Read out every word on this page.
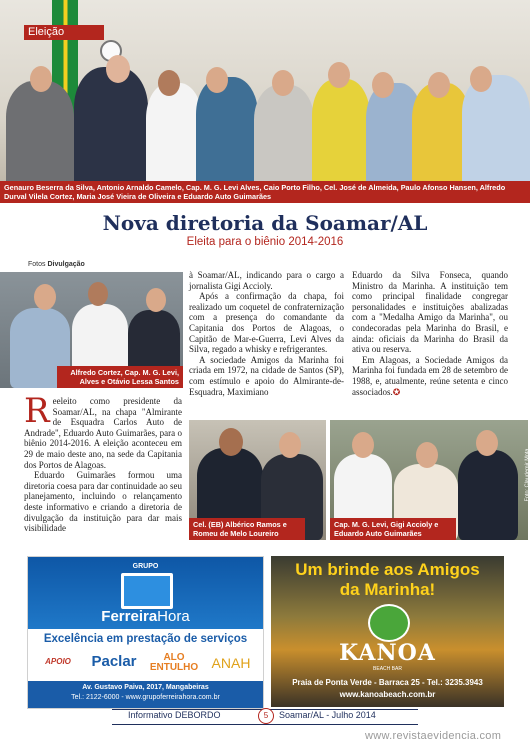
Eleição
Genauro Beserra da Silva, Antonio Arnaldo Camelo, Cap. M. G. Levi Alves, Caio Porto Filho, Cel. José de Almeida, Paulo Afonso Hansen, Alfredo Durval Vilela Cortez, Maria José Vieira de Oliveira e Eduardo Auto Guimarães
Nova diretoria da Soamar/AL
Eleita para o biênio 2014-2016
Fotos Divulgação
Alfredo Cortez, Cap. M. G. Levi, Alves e Otávio Lessa Santos

Reeleito como presidente da Soamar/AL, na chapa "Almirante de Esquadra Carlos Auto de Andrade", Eduardo Auto Guimarães, para o biênio 2014-2016. A eleição aconteceu em 29 de maio deste ano, na sede da Capitania dos Portos de Alagoas.

Eduardo Guimarães formou uma diretoria coesa para dar continuidade ao seu planejamento, incluindo o relançamento deste informativo e criando a diretoria de divulgação da instituição para dar mais visibilidade

à Soamar/AL, indicando para o cargo a jornalista Gigi Accioly.

Após a confirmação da chapa, foi realizado um coquetel de confraternização com a presença do comandante da Capitania dos Portos de Alagoas, o Capitão de Mar-e-Guerra, Levi Alves da Silva, regado a whisky e refrigerantes.

A sociedade Amigos da Marinha foi criada em 1972, na cidade de Santos (SP), com estímulo e apoio do Almirante-de-Esquadra, Maximiano

Eduardo da Silva Fonseca, quando Ministro da Marinha. A instituição tem como principal finalidade congregar personalidades e instituições abalizadas com a "Medalha Amigo da Marinha", ou condecoradas pela Marinha do Brasil, e ainda: oficiais da Marinha do Brasil da ativa ou reserva.

Em Alagoas, a Sociedade Amigos da Marinha foi fundada em 28 de setembro de 1988, e, atualmente, reúne setenta e cinco associados.✪

Cel. (EB) Albérico Ramos e Romeu de Melo Loureiro
Cap. M. G. Levi, Gigi Accioly e Eduardo Auto Guimarães
Foto: Claudemir Mota
GRUPO
FerreiraHora
Excelência em prestação de serviços
APOIO	Paclar	ALO ENTULHO ANAH
Av. Gustavo Paiva, 2017, Mangabeiras
Tel.: 2122-6000 - www.grupoferreirahora.com.br
Um brinde aos Amigos
da Marinha!
KANOA
BEACH BAR
Praia de Ponta Verde - Barraca 25 - Tel.: 3235.3943
www.kanoabeach.com.br
Informativo DEBORDO	5	Soamar/AL - Julho 2014
www.revistaevidencia.com
